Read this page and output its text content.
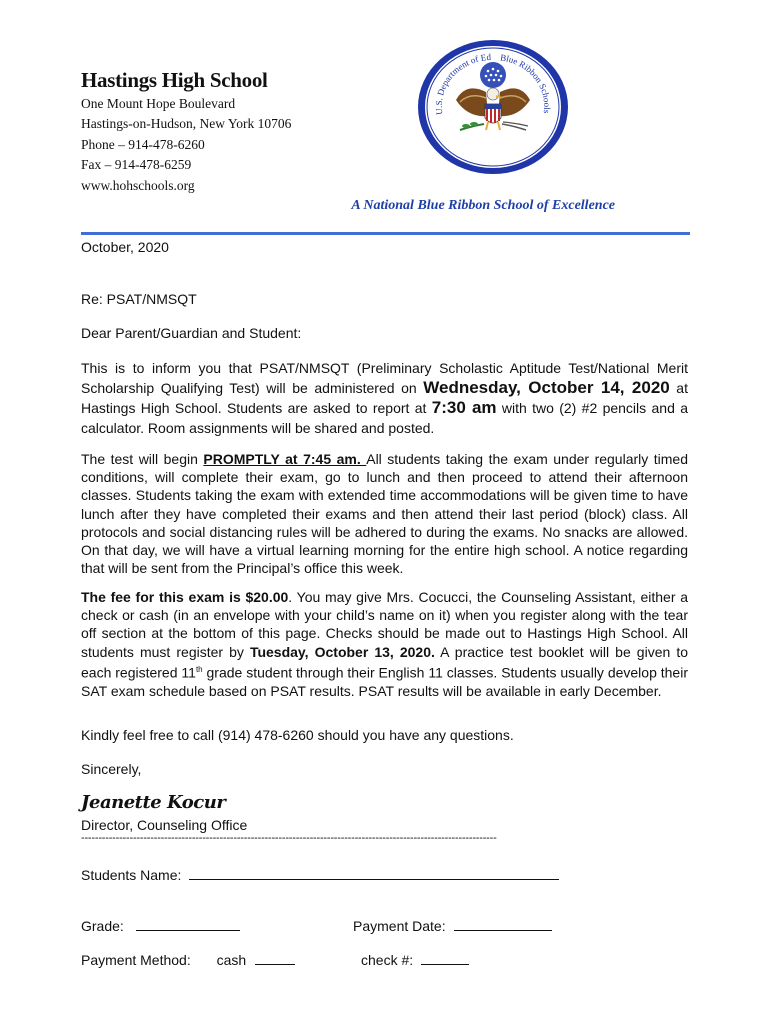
Hastings High School
One Mount Hope Boulevard
Hastings-on-Hudson, New York 10706
Phone – 914-478-6260
Fax – 914-478-6259
www.hohschools.org
U.S. Department of Ed Blue Ribbon Schools
A National Blue Ribbon School of Excellence
October, 2020
Re: PSAT/NMSQT
Dear Parent/Guardian and Student:
This is to inform you that PSAT/NMSQT (Preliminary Scholastic Aptitude Test/National Merit
Scholarship Qualifying Test) will be administered on Wednesday, October 14, 2020 at
Hastings High School. Students are asked to report at 7:30 am with two (2) #2 pencils and a
calculator. Room assignments will be shared and posted.
The test will begin PROMPTLY at 7:45 am. All students taking the exam under regularly timed conditions, will complete their exam, go to lunch and then proceed to attend their afternoon classes. Students taking the exam with extended time accommodations will be given time to have lunch after they have completed their exams and then attend their last period (block) class. All protocols and social distancing rules will be adhered to during the exams. No snacks are allowed. On that day, we will have a virtual learning morning for the entire high school. A notice regarding that will be sent from the Principal’s office this week.
The fee for this exam is $20.00. You may give Mrs. Cocucci, the Counseling Assistant, either a check or cash (in an envelope with your child’s name on it) when you register along with the tear off section at the bottom of this page. Checks should be made out to Hastings High School. All students must register by Tuesday, October 13, 2020. A practice test booklet will be given to each registered 11th grade student through their English 11 classes. Students usually develop their SAT exam schedule based on PSAT results. PSAT results will be available in early December.
Kindly feel free to call (914) 478-6260 should you have any questions.
Sincerely,
Jeanette Kocur
Director, Counseling Office
------------------------------------------------------------------------------------------------------------------------
Students Name:
Grade:	Payment Date:
Payment Method: cash	check #:
